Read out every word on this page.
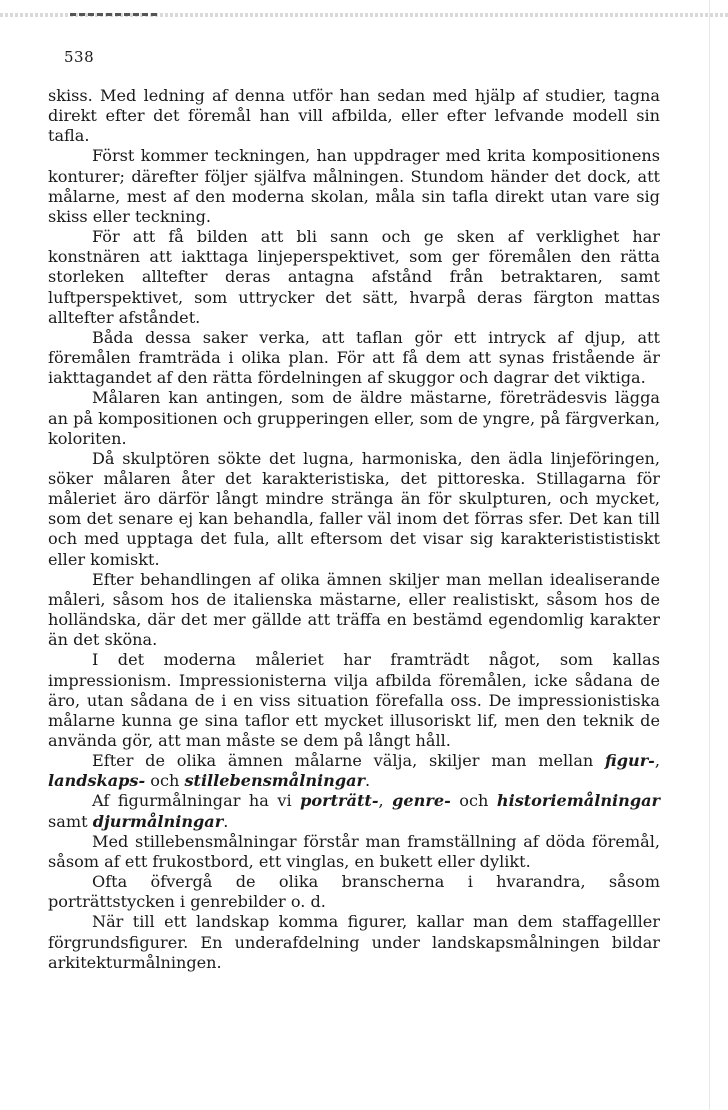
538

skiss. Med ledning af denna utför han sedan med hjälp af studier, tagna direkt efter det föremål han vill afbilda, eller efter lefvande modell sin tafla.

Först kommer teckningen, han uppdrager med krita kompositionens konturer; därefter följer själfva målningen. Stundom händer det dock, att målarne, mest af den moderna skolan, måla sin tafla direkt utan vare sig skiss eller teckning.

För att få bilden att bli sann och ge sken af verklighet har konstnären att iakttaga linjeperspektivet, som ger föremålen den rätta storleken alltefter deras antagna afstånd från betraktaren, samt luftperspektivet, som uttrycker det sätt, hvarpå deras färgton mattas alltefter afståndet.

Båda dessa saker verka, att taflan gör ett intryck af djup, att föremålen framträda i olika plan. För att få dem att synas fristående är iakttagandet af den rätta fördelningen af skuggor och dagrar det viktiga.

Målaren kan antingen, som de äldre mästarne, företrädesvis lägga an på kompositionen och grupperingen eller, som de yngre, på färgverkan, koloriten.

Då skulptören sökte det lugna, harmoniska, den ädla linjeföringen, söker målaren åter det karakteristiska, det pittoreska. Stillagarna för måleriet äro därför långt mindre stränga än för skulpturen, och mycket, som det senare ej kan behandla, faller väl inom det förras sfer. Det kan till och med upptaga det fula, allt eftersom det visar sig karakteristististiskt eller komiskt.

Efter behandlingen af olika ämnen skiljer man mellan idealiserande måleri, såsom hos de italienska mästarne, eller realistiskt, såsom hos de holländska, där det mer gällde att träffa en bestämd egendomlig karakter än det sköna.

I det moderna måleriet har framträdt något, som kallas impressionism. Impressionisterna vilja afbilda föremålen, icke sådana de äro, utan sådana de i en viss situation förefalla oss. De impressionistiska målarne kunna ge sina taflor ett mycket illusoriskt lif, men den teknik de använda gör, att man måste se dem på långt håll.

Efter de olika ämnen målarne välja, skiljer man mellan figur-, landskaps- och stillebensmålningar.

Af figurmålningar ha vi porträtt-, genre- och historiemålningar samt djurmålningar.

Med stillebensmålningar förstår man framställning af döda föremål, såsom af ett frukostbord, ett vinglas, en bukett eller dylikt.

Ofta öfvergå de olika branscherna i hvarandra, såsom porträttstycken i genrebilder o. d.

När till ett landskap komma figurer, kallar man dem staffagelller förgrundsfigurer. En underafdelning under landskapsmålningen bildar arkitekturmålningen.
